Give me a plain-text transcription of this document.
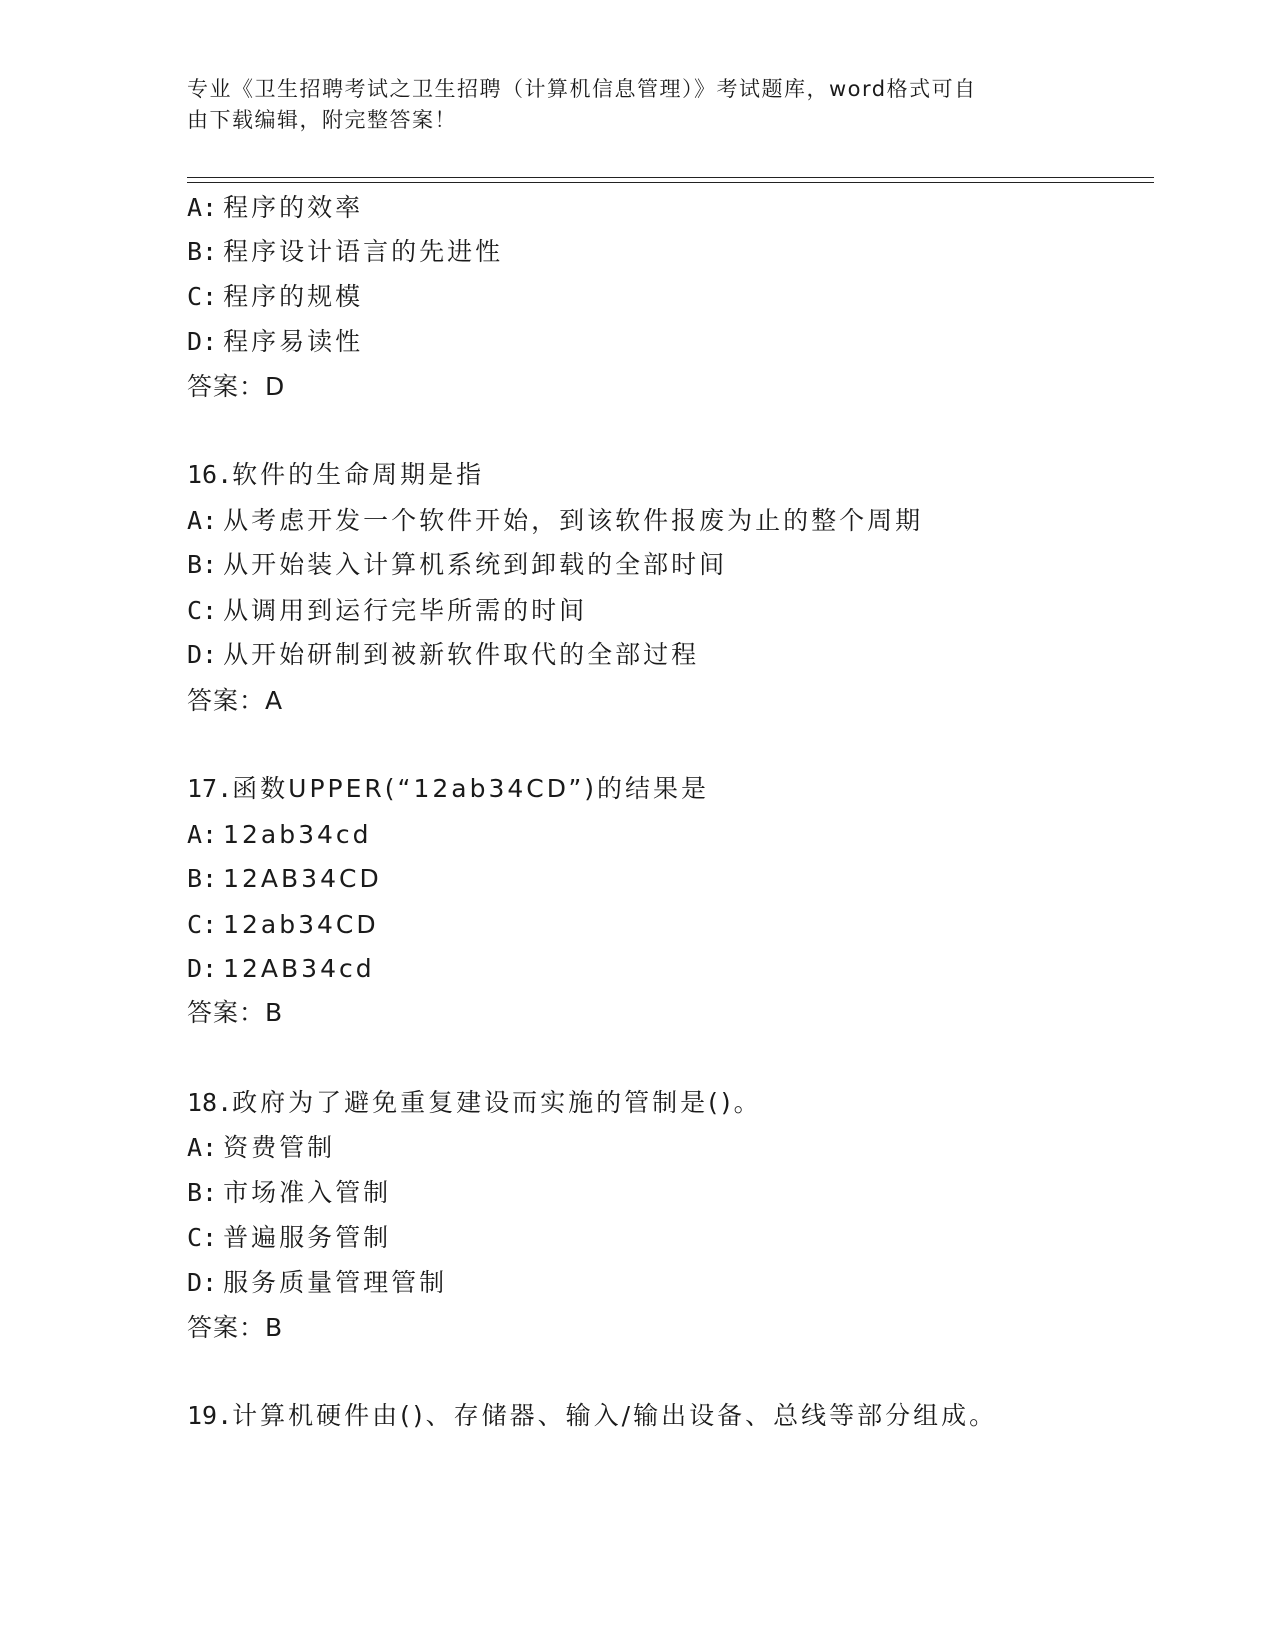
专业《卫生招聘考试之卫生招聘（计算机信息管理）》考试题库，word格式可自
由下载编辑，附完整答案！
A: 程序的效率
B: 程序设计语言的先进性
C: 程序的规模
D: 程序易读性
答案：D
16.软件的生命周期是指
A: 从考虑开发一个软件开始，到该软件报废为止的整个周期
B: 从开始装入计算机系统到卸载的全部时间
C: 从调用到运行完毕所需的时间
D: 从开始研制到被新软件取代的全部过程
答案：A
17.函数UPPER(“12ab34CD”)的结果是
A: 12ab34cd
B: 12AB34CD
C: 12ab34CD
D: 12AB34cd
答案：B
18.政府为了避免重复建设而实施的管制是()。
A: 资费管制
B: 市场准入管制
C: 普遍服务管制
D: 服务质量管理管制
答案：B
19.计算机硬件由()、存储器、输入/输出设备、总线等部分组成。
